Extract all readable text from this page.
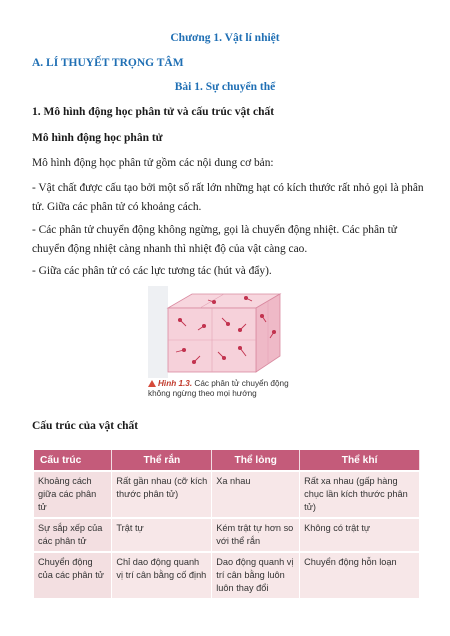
Chương 1. Vật lí nhiệt
A. LÍ THUYẾT TRỌNG TÂM
Bài 1. Sự chuyển thể
1. Mô hình động học phân tử và cấu trúc vật chất
Mô hình động học phân tử
Mô hình động học phân tử gồm các nội dung cơ bản:
- Vật chất được cấu tạo bởi một số rất lớn những hạt có kích thước rất nhỏ gọi là phân tử. Giữa các phân tử có khoảng cách.
- Các phân tử chuyển động không ngừng, gọi là chuyển động nhiệt. Các phân tử chuyển động nhiệt càng nhanh thì nhiệt độ của vật càng cao.
- Giữa các phân tử có các lực tương tác (hút và đẩy).
Hình 1.3. Các phân tử chuyển động không ngừng theo mọi hướng
Cấu trúc của vật chất
Cấu trúc	Thể rắn	Thể lỏng	Thể khí
Khoảng cách giữa các phân tử	Rất gần nhau (cỡ kích thước phân tử)	Xa nhau	Rất xa nhau (gấp hàng chục lần kích thước phân tử)
Sự sắp xếp của các phân tử	Trật tự	Kém trật tự hơn so với thể rắn	Không có trật tự
Chuyển động của các phân tử	Chỉ dao động quanh vị trí cân bằng cố định	Dao động quanh vị trí cân bằng luôn luôn thay đổi	Chuyển động hỗn loạn
